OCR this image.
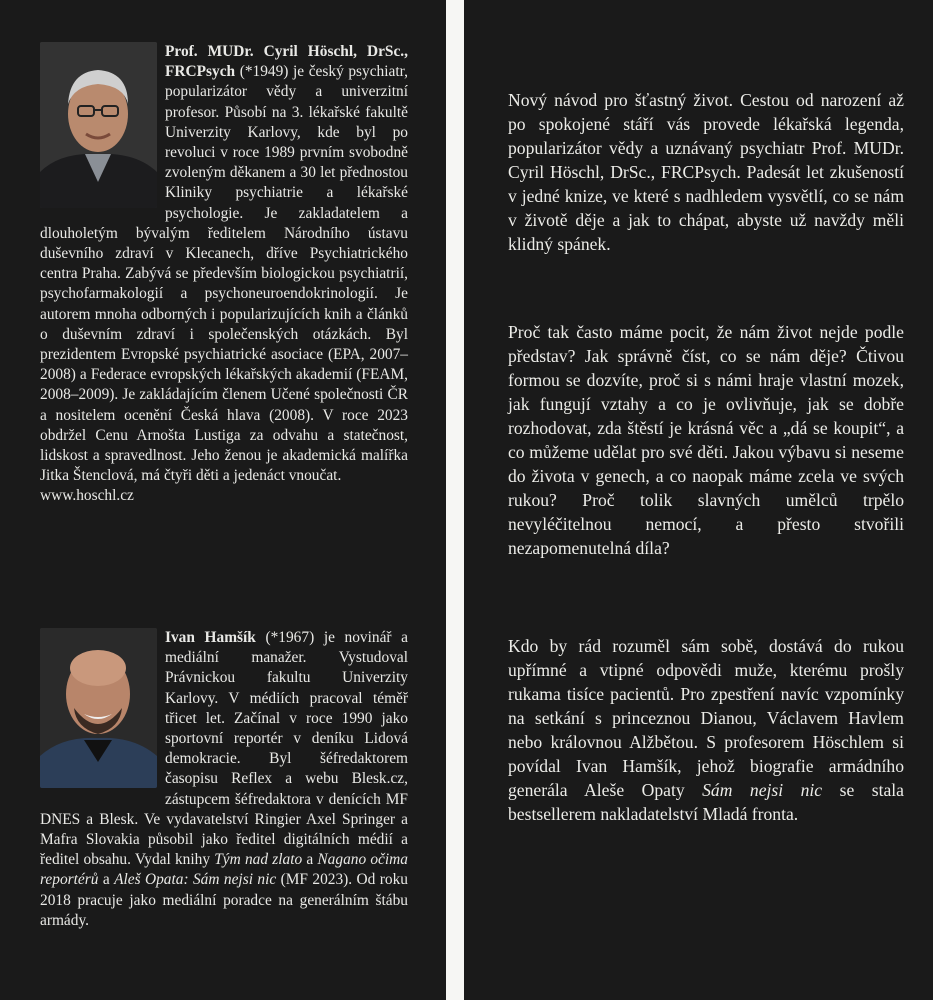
Prof. MUDr. Cyril Höschl, DrSc., FRCPsych (*1949) je český psychiatr, popularizátor vědy a univerzitní profesor. Působí na 3. lékařské fakultě Univerzity Karlovy, kde byl po revoluci v roce 1989 prvním svobodně zvoleným děkanem a 30 let přednostou Kliniky psychiatrie a lékařské psychologie. Je zakladatelem a dlouholetým bývalým ředitelem Národního ústavu duševního zdraví v Klecanech, dříve Psychiatrického centra Praha. Zabývá se především biologickou psychiatrií, psychofarmakologií a psychoneuroendokrinologií. Je autorem mnoha odborných i popularizujících knih a článků o duševním zdraví i společenských otázkách. Byl prezidentem Evropské psychiatrické asociace (EPA, 2007–2008) a Federace evropských lékařských akademií (FEAM, 2008–2009). Je zakládajícím členem Učené společnosti ČR a nositelem ocenění Česká hlava (2008). V roce 2023 obdržel Cenu Arnošta Lustiga za odvahu a statečnost, lidskost a spravedlnost. Jeho ženou je akademická malířka Jitka Štenclová, má čtyři děti a jedenáct vnoučat.
www.hoschl.cz
Ivan Hamšík (*1967) je novinář a mediální manažer. Vystudoval Právnickou fakultu Univerzity Karlovy. V médiích pracoval téměř třicet let. Začínal v roce 1990 jako sportovní reportér v deníku Lidová demokracie. Byl šéfredaktorem časopisu Reflex a webu Blesk.cz, zástupcem šéfredaktora v denících MF DNES a Blesk. Ve vydavatelství Ringier Axel Springer a Mafra Slovakia působil jako ředitel digitálních médií a ředitel obsahu. Vydal knihy Tým nad zlato a Nagano očima reportérů a Aleš Opata: Sám nejsi nic (MF 2023). Od roku 2018 pracuje jako mediální poradce na generálním štábu armády.

Nový návod pro šťastný život. Cestou od narození až po spokojené stáří vás provede lékařská legenda, popularizátor vědy a uznávaný psychiatr Prof. MUDr. Cyril Höschl, DrSc., FRCPsych. Padesát let zkušeností v jedné knize, ve které s nadhledem vysvětlí, co se nám v životě děje a jak to chápat, abyste už navždy měli klidný spánek.

Proč tak často máme pocit, že nám život nejde podle představ? Jak správně číst, co se nám děje? Čtivou formou se dozvíte, proč si s námi hraje vlastní mozek, jak fungují vztahy a co je ovlivňuje, jak se dobře rozhodovat, zda štěstí je krásná věc a „dá se koupit“, a co můžeme udělat pro své děti. Jakou výbavu si neseme do života v genech, a co naopak máme zcela ve svých rukou? Proč tolik slavných umělců trpělo nevyléčitelnou nemocí, a přesto stvořili nezapomenutelná díla?

Kdo by rád rozuměl sám sobě, dostává do rukou upřímné a vtipné odpovědi muže, kterému prošly rukama tisíce pacientů. Pro zpestření navíc vzpomínky na setkání s princeznou Dianou, Václavem Havlem nebo královnou Alžbětou. S profesorem Höschlem si povídal Ivan Hamšík, jehož biografie armádního generála Aleše Opaty Sám nejsi nic se stala bestsellerem nakladatelství Mladá fronta.
